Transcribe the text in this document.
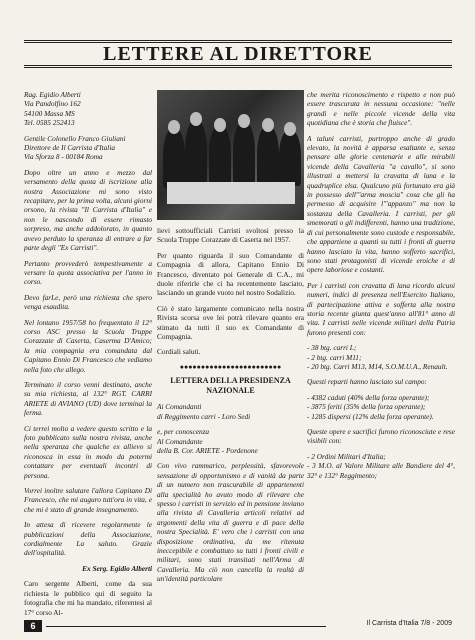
LETTERE AL DIRETTORE
Rag. Egidio Alberti
Via Pandolfino 162
54100 Massa MS
Tel. 0585 252413
Gentile Colonello Franco Giuliani
Direttore de Il Carrista d'Italia
Via Sforza 8 - 00184 Roma

Dopo oltre un anno e mezzo dal versamento della quota di iscrizione alla nostra Associazione mi sono visto recapitare, per la prima volta, alcuni giorni orsono, la rivista "Il Carrista d'Italia" e non le nascondo di essere rimasto sorpreso, ma anche addolorato, in quanto avevo perduto la speranza di entrare a far parte degli "Ex Carristi".

Pertanto provvederò tempestivamente a versare la quota associativa per l'anno in corso.

Devo farLe, però una richiesta che spero venga esaudita.

Nel lontano 1957/58 ho frequentato il 12° corso ASC presso la Scuola Truppe Corazzate di Caserta, Caserma D'Amico; la mia compagnia era comandata dal Capitano Ennio Di Francesco che vediamo nella foto che allego.

Terminato il corso venni destinato, anche su mia richiesta, al 132° RGT. CARRI ARIETE di AVIANO (UD) dove terminai la ferma.

Ci terrei molto a vedere questo scritto e la foto pubblicato sulla nostra rivista, anche nella speranza che qualche ex allievo si riconosca in essa in modo da potermi contattare per eventuali incontri di persona.

Vorrei inoltre salutare l'allora Capitano Di Francesco, che mi auguro tutt'ora in vita, e che mi è stato di grande insegnamento.

In attesa di ricevere regolarmente le pubblicazioni della Associazione, cordialmente La saluto. Grazie dell'ospitalità.

Ex Serg. Egidio Alberti

Caro sergente Alberti, come da sua richiesta le pubblico qui di seguito la fotografia che mi ha mandato, riferentesi al 17° corso Al-

lievi sottoufficiali Carristi svoltosi presso la Scuola Truppe Corazzate di Caserta nel 1957.

Per quanto riguarda il suo Comandante di Compagnia di allora, Capitano Ennio Di Francesco, diventato poi Generale di C.A., mi duole riferirle che ci ha recentemente lasciato, lasciando un grande vuoto nel nostro Sodalizio.

Ciò è stato largamente comunicato nella nostra Rivista scorsa ove lei potrà rilevare quanto era stimato da tutti il suo ex Comandante di Compagnia.

Cordiali saluti.

●●●●●●●●●●●●●●●●●●●●●●●●
LETTERA DELLA PRESIDENZA NAZIONALE
Ai Comandanti
di Reggimento carri - Loro Sedi
e, per conoscenza
Al Comandante
della B. Cor. ARIETE - Pordenone

Con vivo rammarico, perplessità, sfavorevole sensazione di opportunismo e di vanità da parte di un numero non trascurabile di appartenenti alla specialità ho avuto modo di rilevare che spesso i carristi in servizio ed in pensione inviano alla rivista di Cavalleria articoli relativi ad argomenti della vita di guerra e di pace della nostra Specialità. E' vero che i carristi con una disposizione ordinativa, da me ritenuta ineccepibile e combattuto su tutti i fronti civili e militari, sono stati transitati nell'Arma di Cavalleria. Ma ciò non cancella la realtà di un'identità particolare

che merita riconoscimento e rispetto e non può essere trascurata in nessuna occasione: "nelle grandi e nelle piccole vicende della vita quotidiana che è storia che fluisce".

A taluni carristi, purtroppo anche di grado elevato, la novità è apparsa esaltante e, senza pensare alle glorie centenarie e alle mirabili vicende della Cavalleria "a cavallo", si sono illustrati a mettersi la cravatta di lana e la quadruplice elsa. Qualcuno più fortunato era già in possesso dell'"arma moscia" cosa che gli ha permesso di acquisire l'"appanzo" ma non la sostanza della Cavalleria. I carristi, per gli smemorati o gli indifferenti, hanno una tradizione, di cui personalmente sono custode e responsabile, che appartiene a quanti su tutti i fronti di guerra hanno lasciato la vita, hanno sofferto sacrifici, sono stati protagonisti di vicende eroiche e di opere laboriose e costanti.

Per i carristi con cravatta di lana ricordo alcuni numeri, indici di presenza nell'Esercito Italiano, di partecipazione attiva e sofferta alla nostra storia recente giunta quest'anno all'81° anno di vita. I carristi nelle vicende militari della Patria furono presenti con:

- 38 btg. carri L;
- 2 btg. carri M11;
- 20 btg. Carri M13, M14, S.O.M.U.A., Renault.

Questi reparti hanno lasciato sul campo:

- 4382 caduti (40% della forza operante);
- 3875 feriti (35% della forza operante);
- 1285 dispersi (12% della forza operante).

Queste opere e sacrifici furono riconosciute e rese visibili con:

- 2 Ordini Militari d'Italia;
- 3 M.O. al Valore Militare alle Bandiere del 4°, 32° e 132° Reggimento;
6	Il Carrista d'Italia 7/8 - 2009
